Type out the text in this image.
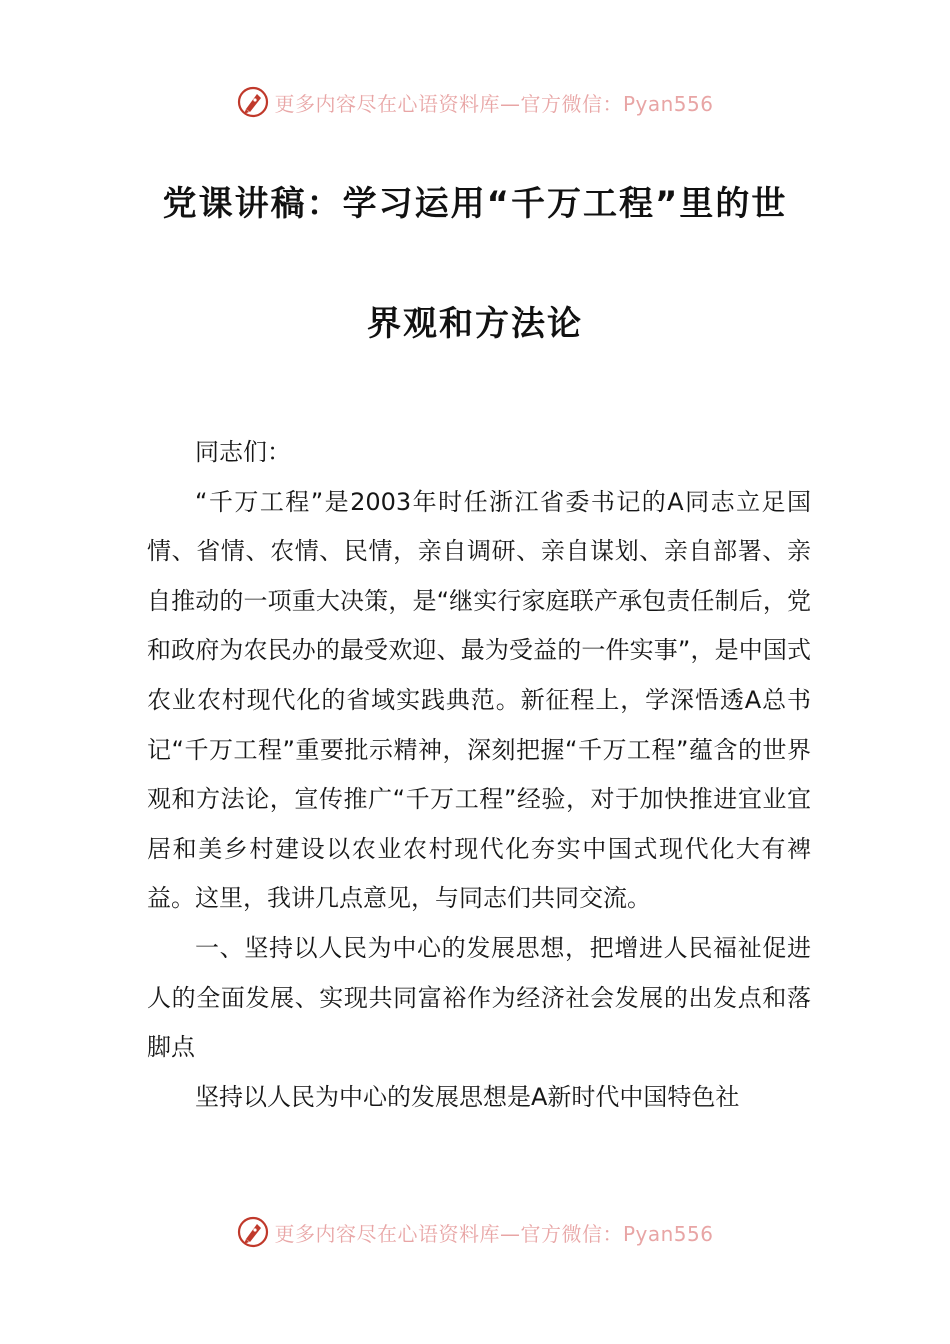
更多内容尽在心语资料库—官方微信：Pyan556
党课讲稿：学习运用“千万工程”里的世
界观和方法论

同志们：

“千万工程”是2003年时任浙江省委书记的A同志立足国情、省情、农情、民情，亲自调研、亲自谋划、亲自部署、亲自推动的一项重大决策，是“继实行家庭联产承包责任制后，党和政府为农民办的最受欢迎、最为受益的一件实事”，是中国式农业农村现代化的省域实践典范。新征程上，学深悟透A总书记“千万工程”重要批示精神，深刻把握“千万工程”蕴含的世界观和方法论，宣传推广“千万工程”经验，对于加快推进宜业宜居和美乡村建设以农业农村现代化夯实中国式现代化大有裨益。这里，我讲几点意见，与同志们共同交流。

一、坚持以人民为中心的发展思想，把增进人民福祉促进人的全面发展、实现共同富裕作为经济社会发展的出发点和落脚点

坚持以人民为中心的发展思想是A新时代中国特色社

更多内容尽在心语资料库—官方微信：Pyan556
